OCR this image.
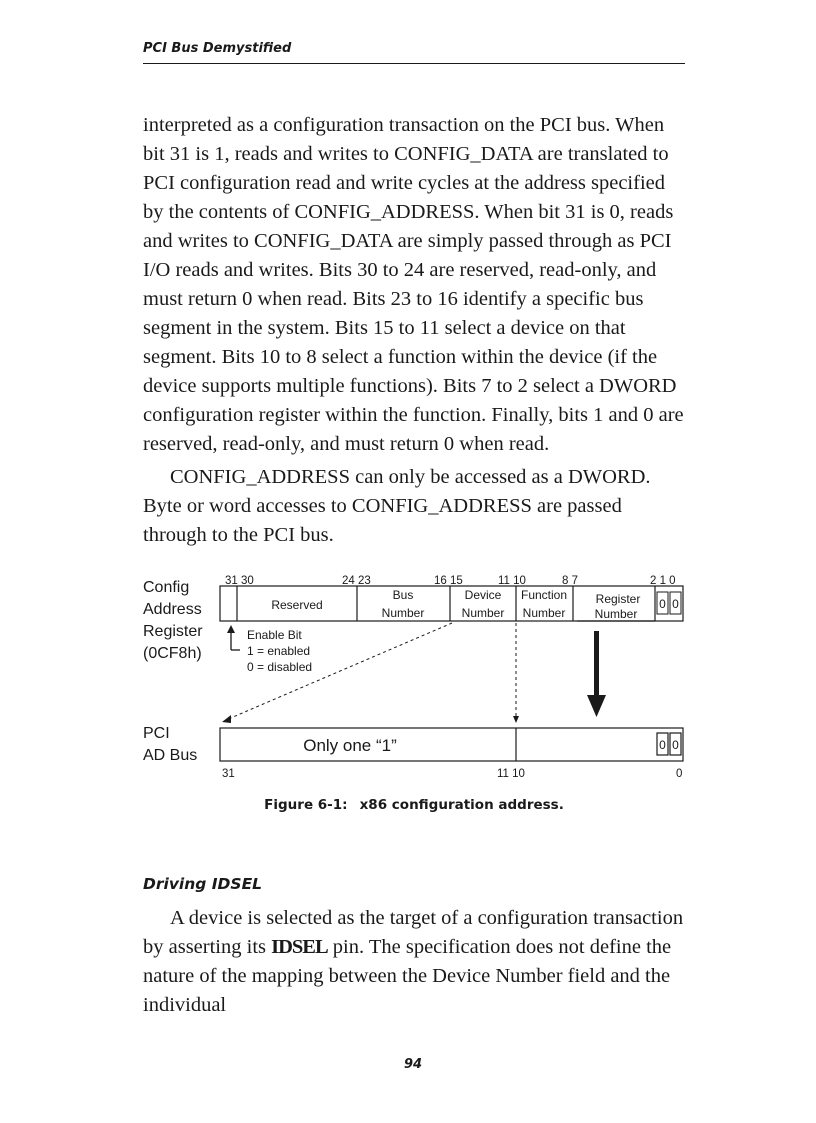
PCI Bus Demystified

interpreted as a configuration transaction on the PCI bus. When bit 31 is 1, reads and writes to CONFIG_DATA are translated to PCI configuration read and write cycles at the address specified by the contents of CONFIG_ADDRESS. When bit 31 is 0, reads and writes to CONFIG_DATA are simply passed through as PCI I/O reads and writes. Bits 30 to 24 are reserved, read-only, and must return 0 when read. Bits 23 to 16 identify a specific bus segment in the system. Bits 15 to 11 select a device on that segment. Bits 10 to 8 select a function within the device (if the device supports multiple functions). Bits 7 to 2 select a DWORD configuration register within the function. Finally, bits 1 and 0 are reserved, read-only, and must return 0 when read.

CONFIG_ADDRESS can only be accessed as a DWORD. Byte or word accesses to CONFIG_ADDRESS are passed through to the PCI bus.

Config
Address
Register
(0CF8h)
PCI
AD Bus
31 30	24 23	16 15	11 10	8 7	2 1 0
Reserved
Bus
Number
Device
Number
Function
Number
Register
Number
0 0
Enable Bit
1 = enabled
0 = disabled
Only one “1”	0 0
31	11 10	0
Figure 6-1: x86 configuration address.
Driving IDSEL

A device is selected as the target of a configuration transaction by asserting its IDSEL pin. The specification does not define the nature of the mapping between the Device Number field and the individual

94
